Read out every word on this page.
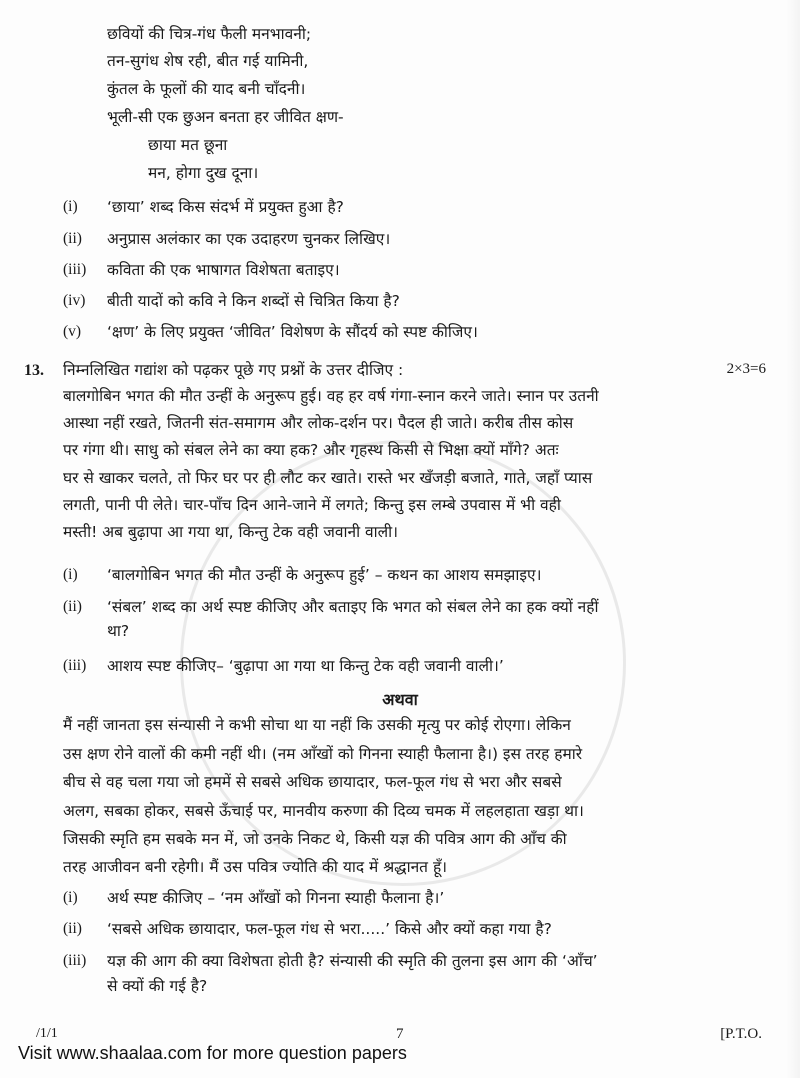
छवियों की चित्र-गंध फैली मनभावनी;
तन-सुगंध शेष रही, बीत गई यामिनी,
कुंतल के फूलों की याद बनी चाँदनी।
भूली-सी एक छुअन बनता हर जीवित क्षण-
छाया मत छूना
मन, होगा दुख दूना।
(i) ‘छाया’ शब्द किस संदर्भ में प्रयुक्त हुआ है?
(ii) अनुप्रास अलंकार का एक उदाहरण चुनकर लिखिए।
(iii) कविता की एक भाषागत विशेषता बताइए।
(iv) बीती यादों को कवि ने किन शब्दों से चित्रित किया है?
(v) ‘क्षण’ के लिए प्रयुक्त ‘जीवित’ विशेषण के सौंदर्य को स्पष्ट कीजिए।
13. निम्नलिखित गद्यांश को पढ़कर पूछे गए प्रश्नों के उत्तर दीजिए :	2×3=6
बालगोबिन भगत की मौत उन्हीं के अनुरूप हुई। वह हर वर्ष गंगा-स्नान करने जाते। स्नान पर उतनी
आस्था नहीं रखते, जितनी संत-समागम और लोक-दर्शन पर। पैदल ही जाते। करीब तीस कोस
पर गंगा थी। साधु को संबल लेने का क्या हक? और गृहस्थ किसी से भिक्षा क्यों माँगे? अतः
घर से खाकर चलते, तो फिर घर पर ही लौट कर खाते। रास्ते भर खँजड़ी बजाते, गाते, जहाँ प्यास
लगती, पानी पी लेते। चार-पाँच दिन आने-जाने में लगते; किन्तु इस लम्बे उपवास में भी वही
मस्ती! अब बुढ़ापा आ गया था, किन्तु टेक वही जवानी वाली।
(i) ‘बालगोबिन भगत की मौत उन्हीं के अनुरूप हुई’ – कथन का आशय समझाइए।
(ii) ‘संबल’ शब्द का अर्थ स्पष्ट कीजिए और बताइए कि भगत को संबल लेने का हक क्यों नहीं
था?
(iii) आशय स्पष्ट कीजिए– ‘बुढ़ापा आ गया था किन्तु टेक वही जवानी वाली।’
अथवा
मैं नहीं जानता इस संन्यासी ने कभी सोचा था या नहीं कि उसकी मृत्यु पर कोई रोएगा। लेकिन
उस क्षण रोने वालों की कमी नहीं थी। (नम आँखों को गिनना स्याही फैलाना है।) इस तरह हमारे
बीच से वह चला गया जो हममें से सबसे अधिक छायादार, फल-फूल गंध से भरा और सबसे
अलग, सबका होकर, सबसे ऊँचाई पर, मानवीय करुणा की दिव्य चमक में लहलहाता खड़ा था।
जिसकी स्मृति हम सबके मन में, जो उनके निकट थे, किसी यज्ञ की पवित्र आग की आँच की
तरह आजीवन बनी रहेगी। मैं उस पवित्र ज्योति की याद में श्रद्धानत हूँ।
(i) अर्थ स्पष्ट कीजिए – ‘नम आँखों को गिनना स्याही फैलाना है।’
(ii) ‘सबसे अधिक छायादार, फल-फूल गंध से भरा.....’ किसे और क्यों कहा गया है?
(iii) यज्ञ की आग की क्या विशेषता होती है? संन्यासी की स्मृति की तुलना इस आग की ‘आँच’
से क्यों की गई है?
/1/1	7	[P.T.O.
Visit www.shaalaa.com for more question papers
